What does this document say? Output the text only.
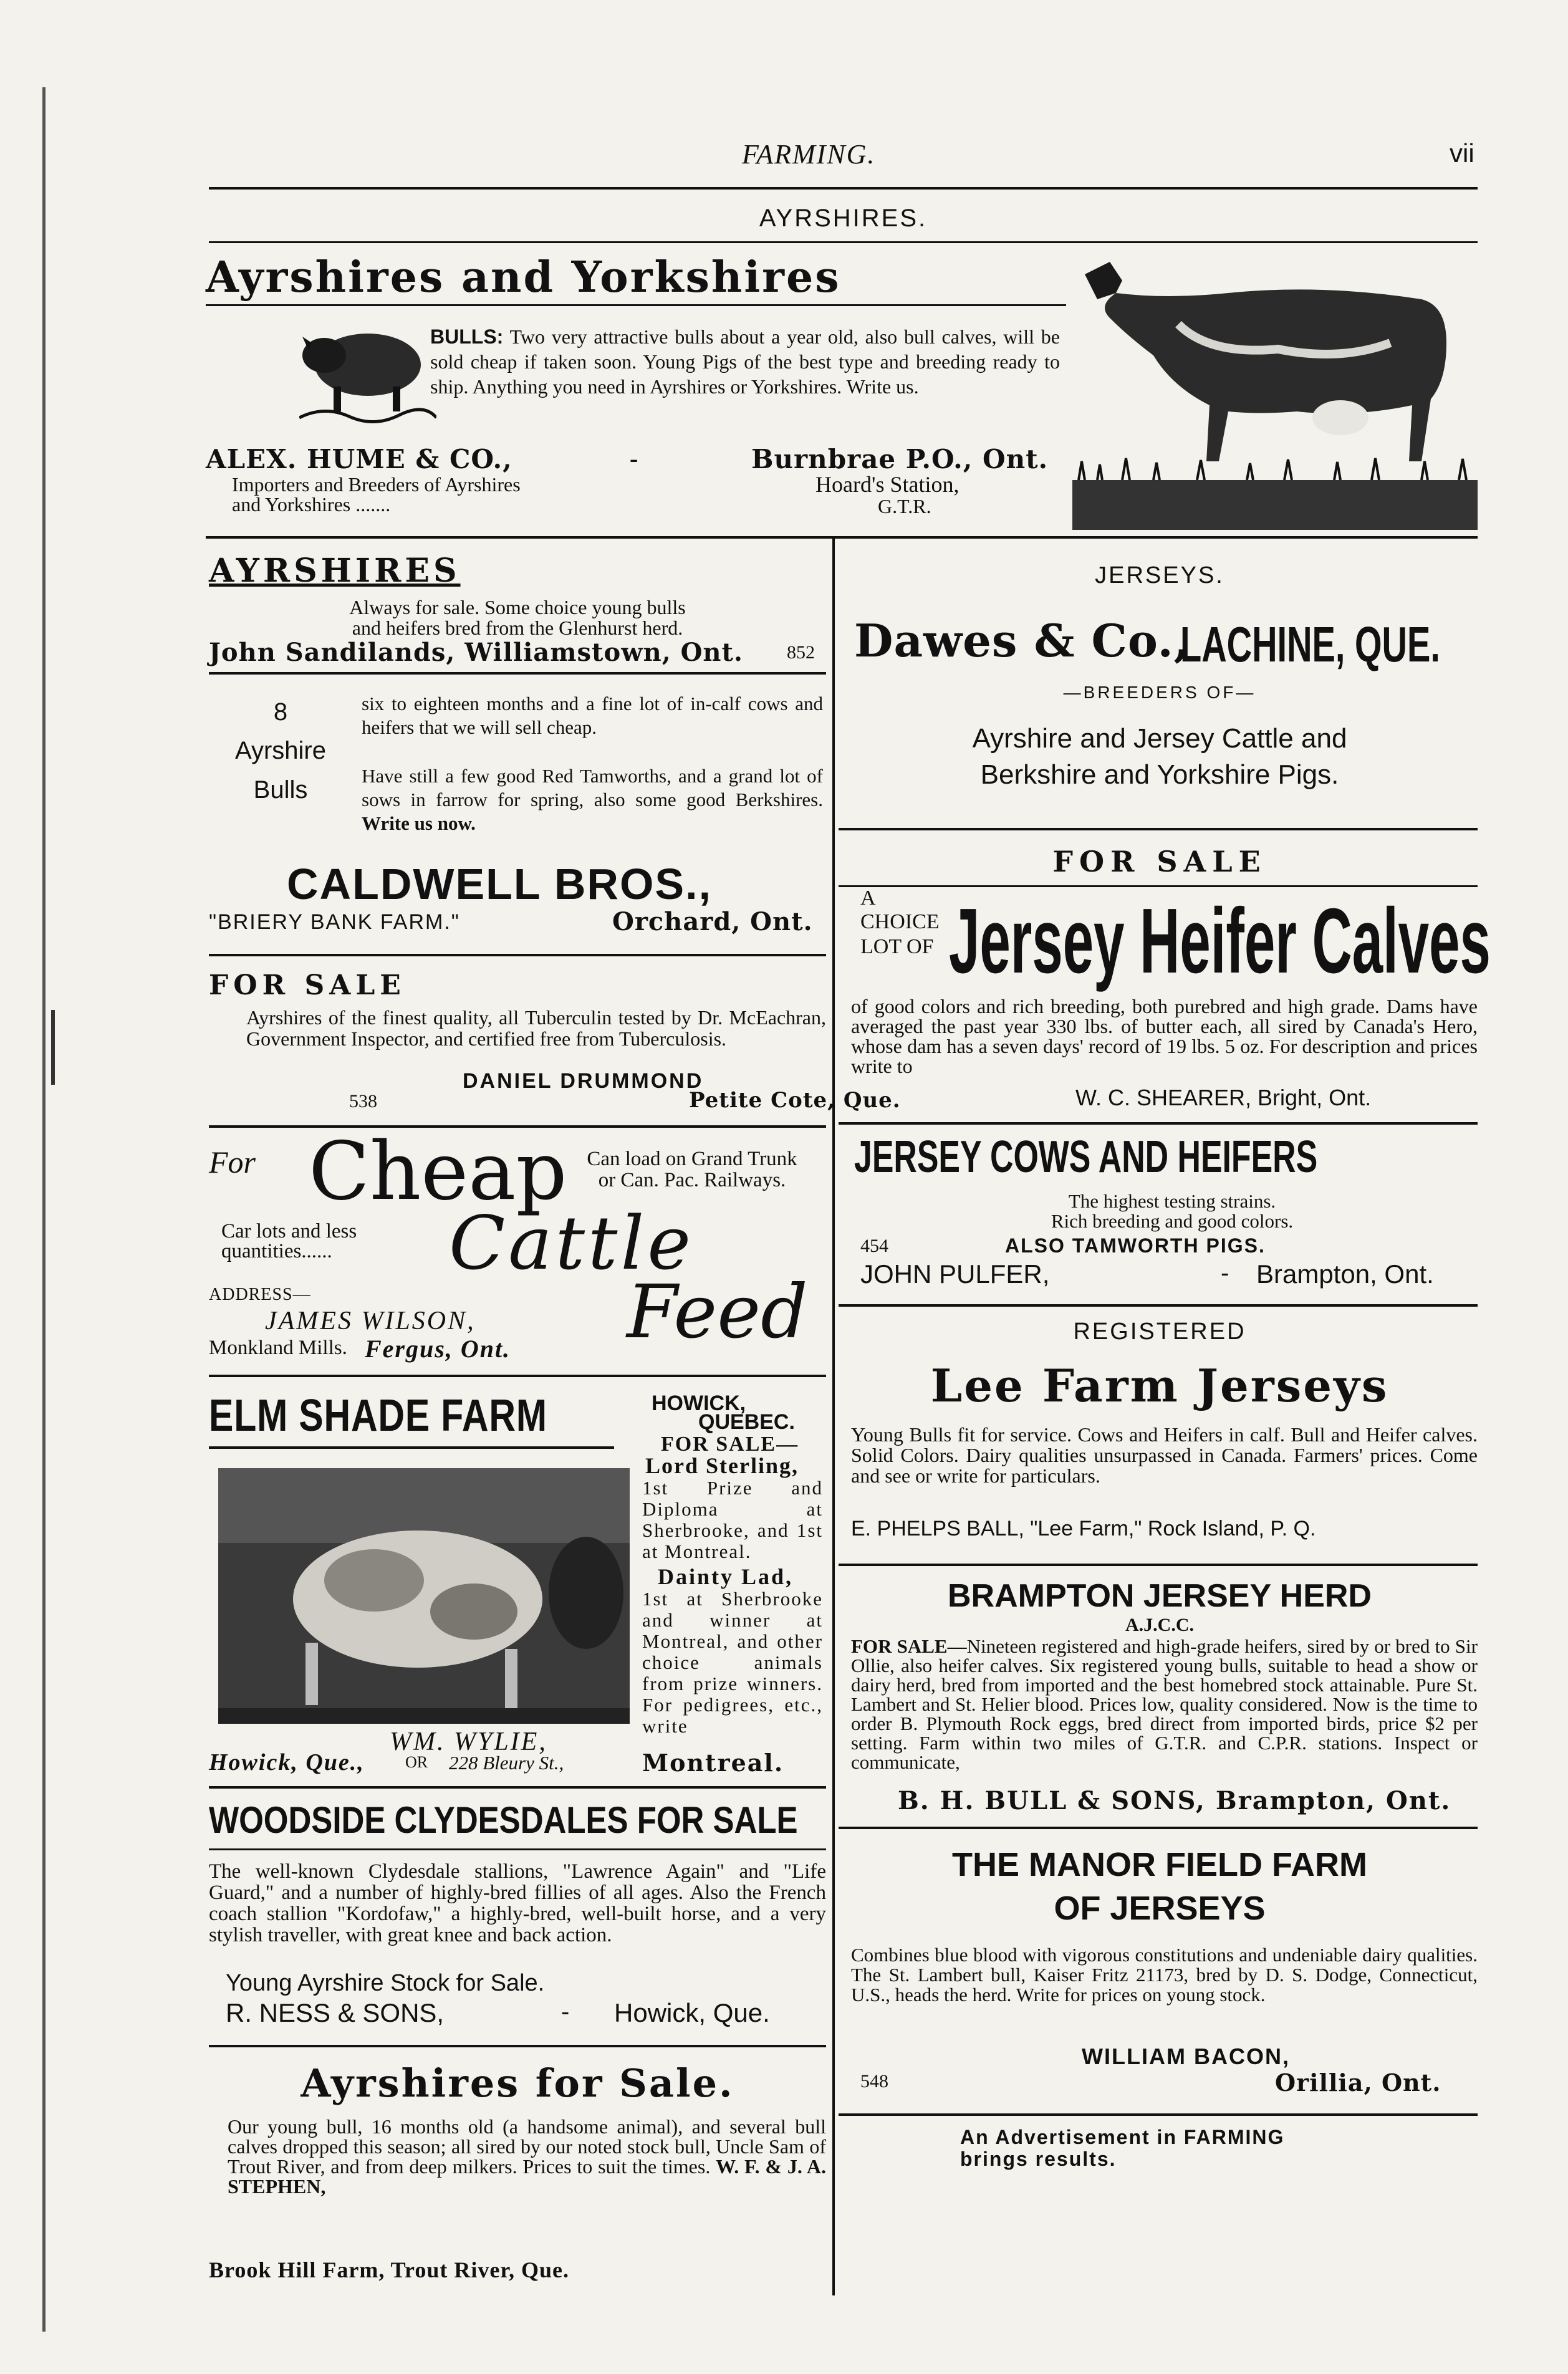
FARMING.	vii
AYRSHIRES.
Ayrshires and Yorkshires
BULLS: Two very attractive bulls about a year old, also bull calves, will be sold cheap if taken soon. Young Pigs of the best type and breeding ready to ship. Anything you need in Ayrshires or Yorkshires. Write us.
ALEX. HUME & CO.,	-	Burnbrae P.O., Ont.
Importers and Breeders of Ayrshires
and Yorkshires .......
Hoard's Station,
G.T.R.
AYRSHIRES
Always for sale. Some choice young bulls
and heifers bred from the Glenhurst herd.
John Sandilands, Williamstown, Ont. 852
8
Ayrshire
Bulls
six to eighteen months and a fine lot of in-calf cows and heifers that we will sell cheap.
Have still a few good Red Tamworths, and a grand lot of sows in farrow for spring, also some good Berkshires. Write us now.
CALDWELL BROS.,
"BRIERY BANK FARM."	Orchard, Ont.
FOR SALE
Ayrshires of the finest quality, all Tuberculin tested by Dr. McEachran, Government Inspector, and certified free from Tuberculosis.
DANIEL DRUMMOND
538	Petite Cote, Que.
For Cheap Can load on Grand Trunk
or Can. Pac. Railways.
Car lots and less
quantities...... Cattle
ADDRESS—
JAMES WILSON, Feed
Monkland Mills. Fergus, Ont.
ELM SHADE FARM	HOWICK,
QUEBEC.
FOR SALE—
Lord Sterling,
1st Prize and Diploma at Sherbrooke, and 1st at Montreal.
Dainty Lad,
1st at Sherbrooke and winner at Montreal, and other choice animals from prize winners. For pedigrees, etc., write
WM. WYLIE,
Howick, Que.,	OR 228 Bleury St.,	Montreal.
WOODSIDE CLYDESDALES FOR SALE
The well-known Clydesdale stallions, "Lawrence Again" and "Life Guard," and a number of highly-bred fillies of all ages. Also the French coach stallion "Kordofaw," a highly-bred, well-built horse, and a very stylish traveller, with great knee and back action.
Young Ayrshire Stock for Sale.
R. NESS & SONS,	- Howick, Que.
Ayrshires for Sale.
Our young bull, 16 months old (a handsome animal), and several bull calves dropped this season; all sired by our noted stock bull, Uncle Sam of Trout River, and from deep milkers. Prices to suit the times. W. F. & J. A. STEPHEN,
Brook Hill Farm, Trout River, Que.
JERSEYS.
Dawes & Co.,
LACHINE, QUE.
—BREEDERS OF—
Ayrshire and Jersey Cattle and
Berkshire and Yorkshire Pigs.
FOR SALE
A
CHOICE
LOT OF Jersey Heifer Calves
of good colors and rich breeding, both purebred and high grade. Dams have averaged the past year 330 lbs. of butter each, all sired by Canada's Hero, whose dam has a seven days' record of 19 lbs. 5 oz. For description and prices write to
W. C. SHEARER, Bright, Ont.
JERSEY COWS AND HEIFERS
The highest testing strains.
Rich breeding and good colors.
454	ALSO TAMWORTH PIGS.
JOHN PULFER,	- Brampton, Ont.
REGISTERED
Lee Farm Jerseys
Young Bulls fit for service. Cows and Heifers in calf. Bull and Heifer calves. Solid Colors. Dairy qualities unsurpassed in Canada. Farmers' prices. Come and see or write for particulars.
E. PHELPS BALL, "Lee Farm," Rock Island, P. Q.
BRAMPTON JERSEY HERD
A.J.C.C.
FOR SALE—Nineteen registered and high-grade heifers, sired by or bred to Sir Ollie, also heifer calves. Six registered young bulls, suitable to head a show or dairy herd, bred from imported and the best homebred stock attainable. Pure St. Lambert and St. Helier blood. Prices low, quality considered. Now is the time to order B. Plymouth Rock eggs, bred direct from imported birds, price $2 per setting. Farm within two miles of G.T.R. and C.P.R. stations. Inspect or communicate,
B. H. BULL & SONS, Brampton, Ont.
THE MANOR FIELD FARM
OF JERSEYS
Combines blue blood with vigorous constitutions and undeniable dairy qualities. The St. Lambert bull, Kaiser Fritz 21173, bred by D. S. Dodge, Connecticut, U.S., heads the herd. Write for prices on young stock.
WILLIAM BACON,
548	Orillia, Ont.
An Advertisement in FARMING
brings results.
